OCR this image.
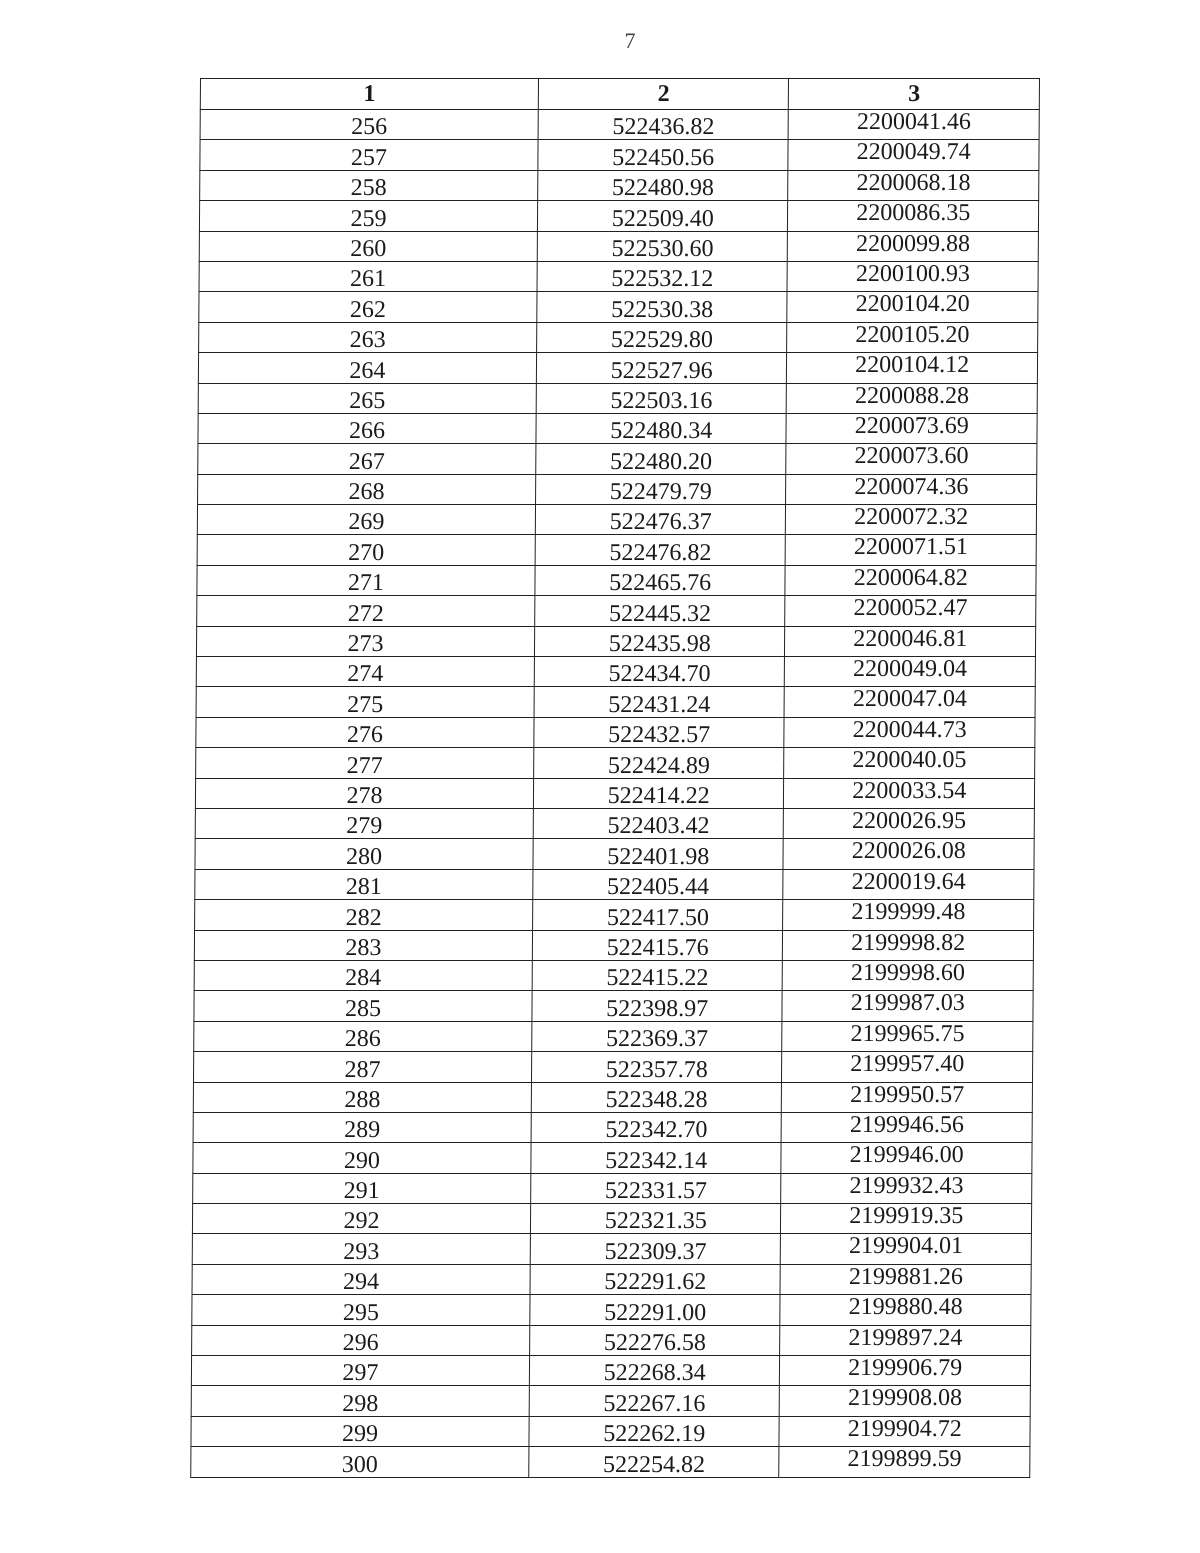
7
1	2	3
256	522436.82	2200041.46
257	522450.56	2200049.74
258	522480.98	2200068.18
259	522509.40	2200086.35
260	522530.60	2200099.88
261	522532.12	2200100.93
262	522530.38	2200104.20
263	522529.80	2200105.20
264	522527.96	2200104.12
265	522503.16	2200088.28
266	522480.34	2200073.69
267	522480.20	2200073.60
268	522479.79	2200074.36
269	522476.37	2200072.32
270	522476.82	2200071.51
271	522465.76	2200064.82
272	522445.32	2200052.47
273	522435.98	2200046.81
274	522434.70	2200049.04
275	522431.24	2200047.04
276	522432.57	2200044.73
277	522424.89	2200040.05
278	522414.22	2200033.54
279	522403.42	2200026.95
280	522401.98	2200026.08
281	522405.44	2200019.64
282	522417.50	2199999.48
283	522415.76	2199998.82
284	522415.22	2199998.60
285	522398.97	2199987.03
286	522369.37	2199965.75
287	522357.78	2199957.40
288	522348.28	2199950.57
289	522342.70	2199946.56
290	522342.14	2199946.00
291	522331.57	2199932.43
292	522321.35	2199919.35
293	522309.37	2199904.01
294	522291.62	2199881.26
295	522291.00	2199880.48
296	522276.58	2199897.24
297	522268.34	2199906.79
298	522267.16	2199908.08
299	522262.19	2199904.72
300	522254.82	2199899.59
